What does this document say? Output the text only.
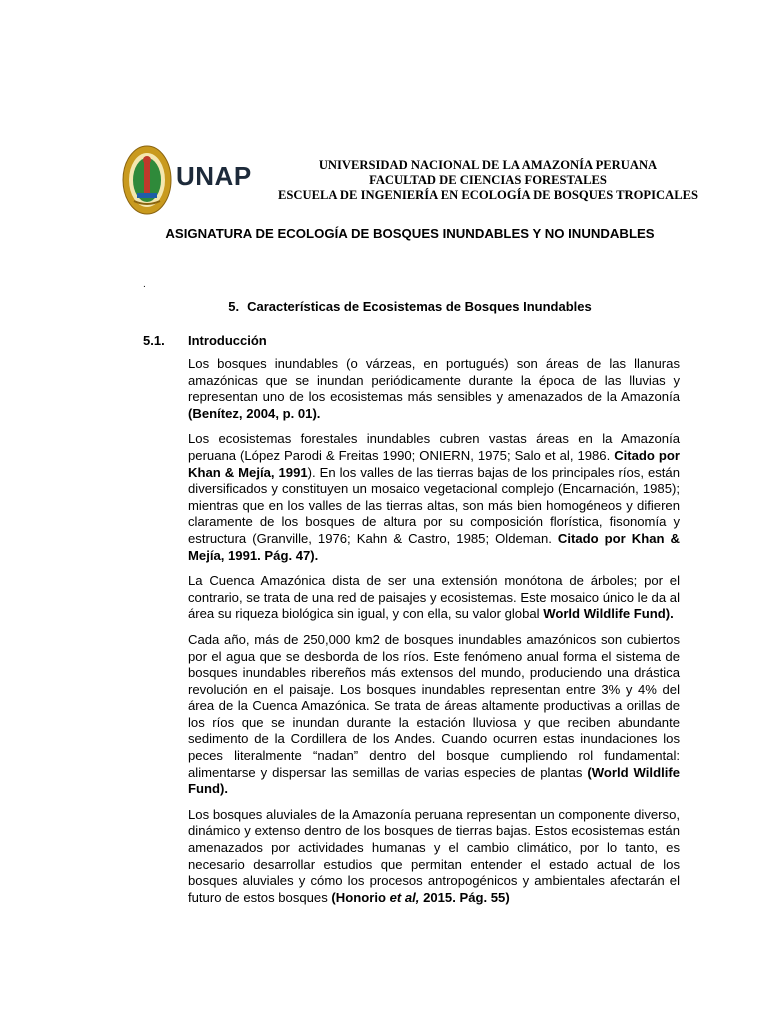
UNAP	UNIVERSIDAD NACIONAL DE LA AMAZONÍA PERUANA
FACULTAD DE CIENCIAS FORESTALES
ESCUELA DE INGENIERÍA EN ECOLOGÍA DE BOSQUES TROPICALES
ASIGNATURA DE ECOLOGÍA DE BOSQUES INUNDABLES Y NO INUNDABLES
.
5. Características de Ecosistemas de Bosques Inundables
5.1. Introducción

Los bosques inundables (o várzeas, en portugués) son áreas de las llanuras amazónicas que se inundan periódicamente durante la época de las lluvias y representan uno de los ecosistemas más sensibles y amenazados de la Amazonía (Benítez, 2004, p. 01).

Los ecosistemas forestales inundables cubren vastas áreas en la Amazonía peruana (López Parodi & Freitas 1990; ONIERN, 1975; Salo et al, 1986. Citado por Khan & Mejía, 1991). En los valles de las tierras bajas de los principales ríos, están diversificados y constituyen un mosaico vegetacional complejo (Encarnación, 1985); mientras que en los valles de las tierras altas, son más bien homogéneos y difieren claramente de los bosques de altura por su composición florística, fisonomía y estructura (Granville, 1976; Kahn & Castro, 1985; Oldeman. Citado por Khan & Mejía, 1991. Pág. 47).

La Cuenca Amazónica dista de ser una extensión monótona de árboles; por el contrario, se trata de una red de paisajes y ecosistemas. Este mosaico único le da al área su riqueza biológica sin igual, y con ella, su valor global World Wildlife Fund).

Cada año, más de 250,000 km2 de bosques inundables amazónicos son cubiertos por el agua que se desborda de los ríos. Este fenómeno anual forma el sistema de bosques inundables ribereños más extensos del mundo, produciendo una drástica revolución en el paisaje. Los bosques inundables representan entre 3% y 4% del área de la Cuenca Amazónica. Se trata de áreas altamente productivas a orillas de los ríos que se inundan durante la estación lluviosa y que reciben abundante sedimento de la Cordillera de los Andes. Cuando ocurren estas inundaciones los peces literalmente “nadan” dentro del bosque cumpliendo rol fundamental: alimentarse y dispersar las semillas de varias especies de plantas (World Wildlife Fund).

Los bosques aluviales de la Amazonía peruana representan un componente diverso, dinámico y extenso dentro de los bosques de tierras bajas. Estos ecosistemas están amenazados por actividades humanas y el cambio climático, por lo tanto, es necesario desarrollar estudios que permitan entender el estado actual de los bosques aluviales y cómo los procesos antropogénicos y ambientales afectarán el futuro de estos bosques (Honorio et al, 2015. Pág. 55)
